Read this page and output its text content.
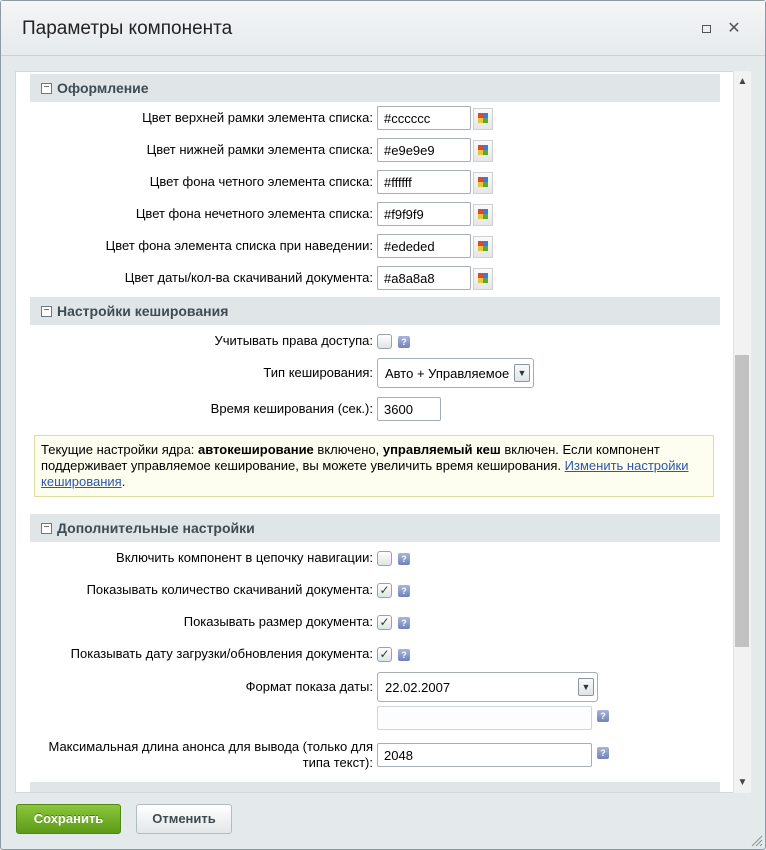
Параметры компонента	✕
− Оформление
Цвет верхней рамки элемента списка:
#cccccc
Цвет нижней рамки элемента списка:
#e9e9e9
Цвет фона четного элемента списка:
#ffffff
Цвет фона нечетного элемента списка:
#f9f9f9
Цвет фона элемента списка при наведении:
#ededed
Цвет даты/кол-ва скачиваний документа:
#a8a8a8
− Настройки кеширования
Учитывать права доступа:	?
Тип кеширования: Авто + Управляемое ▼
Время кеширования (сек.):
3600
Текущие настройки ядра: автокеширование включено, управляемый кеш включен. Если компонент поддерживает управляемое кеширование, вы можете увеличить время кеширования. Изменить настройки кеширования.
− Дополнительные настройки
Включить компонент в цепочку навигации:	?
Показывать количество скачиваний документа: ✓	?
Показывать размер документа: ✓	?
Показывать дату загрузки/обновления документа: ✓	?
Формат показа даты: 22.02.2007	▼
?
Максимальная длина анонса для вывода (только для типа текст):
2048
?
▲
▼
Сохранить	Отменить
